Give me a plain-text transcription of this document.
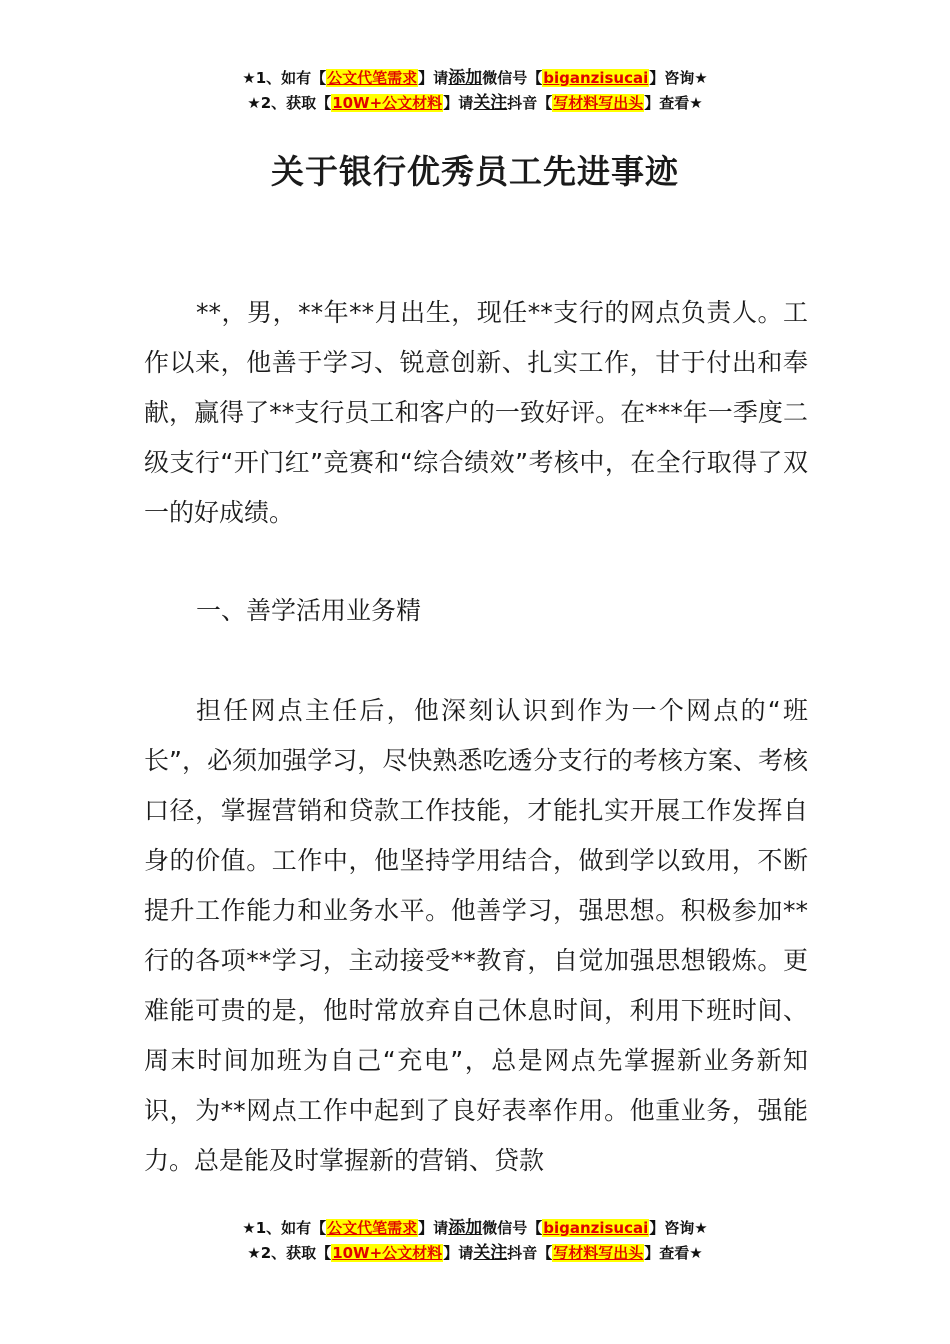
★1、如有【公文代笔需求】请添加微信号【biganzisucai】咨询★
★2、获取【10W+公文材料】请关注抖音【写材料写出头】查看★
关于银行优秀员工先进事迹

**，男，**年**月出生，现任**支行的网点负责人。工作以来，他善于学习、锐意创新、扎实工作，甘于付出和奉献，赢得了**支行员工和客户的一致好评。在***年一季度二级支行“开门红”竞赛和“综合绩效”考核中，在全行取得了双一的好成绩。

一、善学活用业务精

担任网点主任后，他深刻认识到作为一个网点的“班长”，必须加强学习，尽快熟悉吃透分支行的考核方案、考核口径，掌握营销和贷款工作技能，才能扎实开展工作发挥自身的价值。工作中，他坚持学用结合，做到学以致用，不断提升工作能力和业务水平。他善学习，强思想。积极参加**行的各项**学习，主动接受**教育，自觉加强思想锻炼。更难能可贵的是，他时常放弃自己休息时间，利用下班时间、周末时间加班为自己“充电”，总是网点先掌握新业务新知识，为**网点工作中起到了良好表率作用。他重业务，强能力。总是能及时掌握新的营销、贷款

★1、如有【公文代笔需求】请添加微信号【biganzisucai】咨询★
★2、获取【10W+公文材料】请关注抖音【写材料写出头】查看★
